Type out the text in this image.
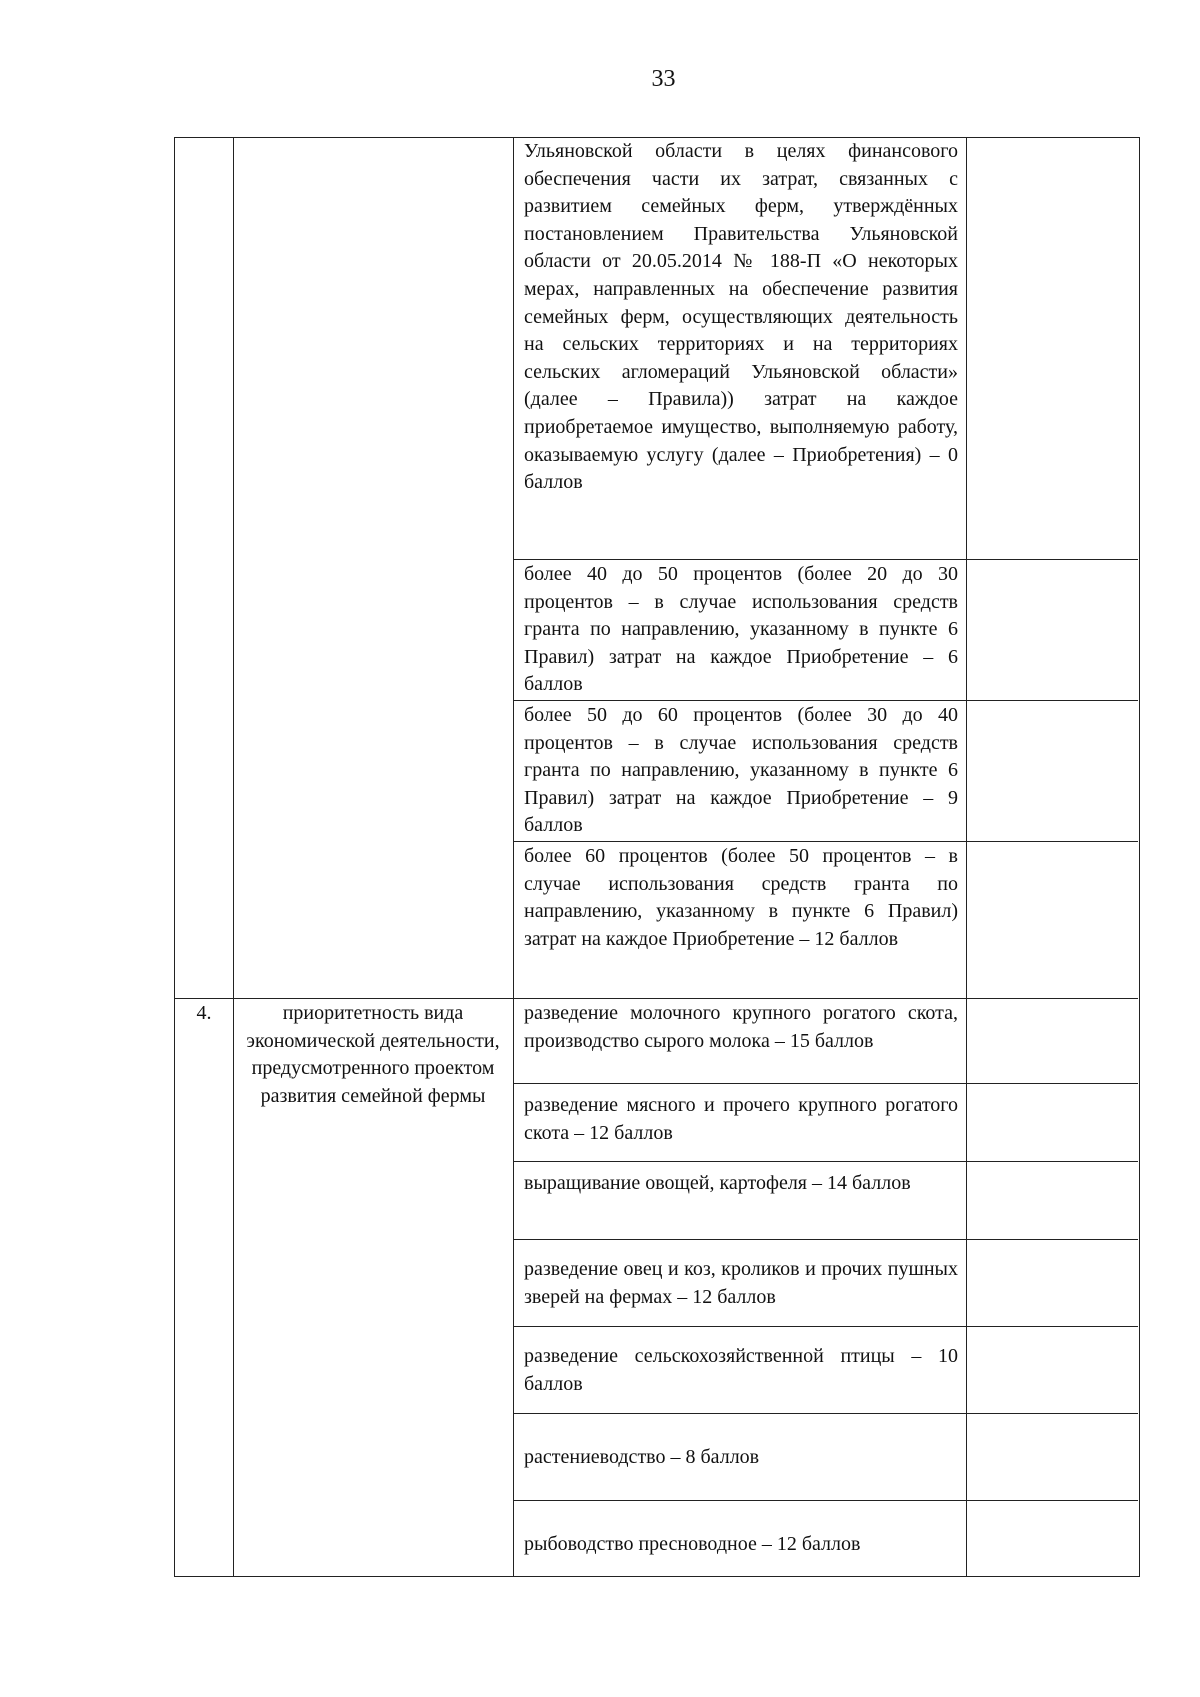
33
Ульяновской области в целях финансового обеспечения части их затрат, связанных с развитием семейных ферм, утверждённых постановлением Правительства Ульяновской области от 20.05.2014 № 188-П «О некоторых мерах, направленных на обеспечение развития семейных ферм, осуществляющих деятельность на сельских территориях и на территориях сельских агломераций Ульяновской области» (далее – Правила)) затрат на каждое приобретаемое имущество, выполняемую работу, оказываемую услугу (далее – Приобретения) – 0 баллов
более 40 до 50 процентов (более 20 до 30 процентов – в случае использования средств гранта по направлению, указанному в пункте 6 Правил) затрат на каждое Приобретение – 6 баллов
более 50 до 60 процентов (более 30 до 40 процентов – в случае использования средств гранта по направлению, указанному в пункте 6 Правил) затрат на каждое Приобретение – 9 баллов
более 60 процентов (более 50 процентов – в случае использования средств гранта по направлению, указанному в пункте 6 Правил) затрат на каждое Приобретение – 12 баллов
4.	приоритетность вида экономической деятельности, предусмотренного проектом развития семейной фермы
разведение молочного крупного рогатого скота, производство сырого молока – 15 баллов
разведение мясного и прочего крупного рогатого скота – 12 баллов
выращивание овощей, картофеля – 14 баллов
разведение овец и коз, кроликов и прочих пушных зверей на фермах – 12 баллов
разведение сельскохозяйственной птицы – 10 баллов
растениеводство – 8 баллов
рыбоводство пресноводное – 12 баллов
